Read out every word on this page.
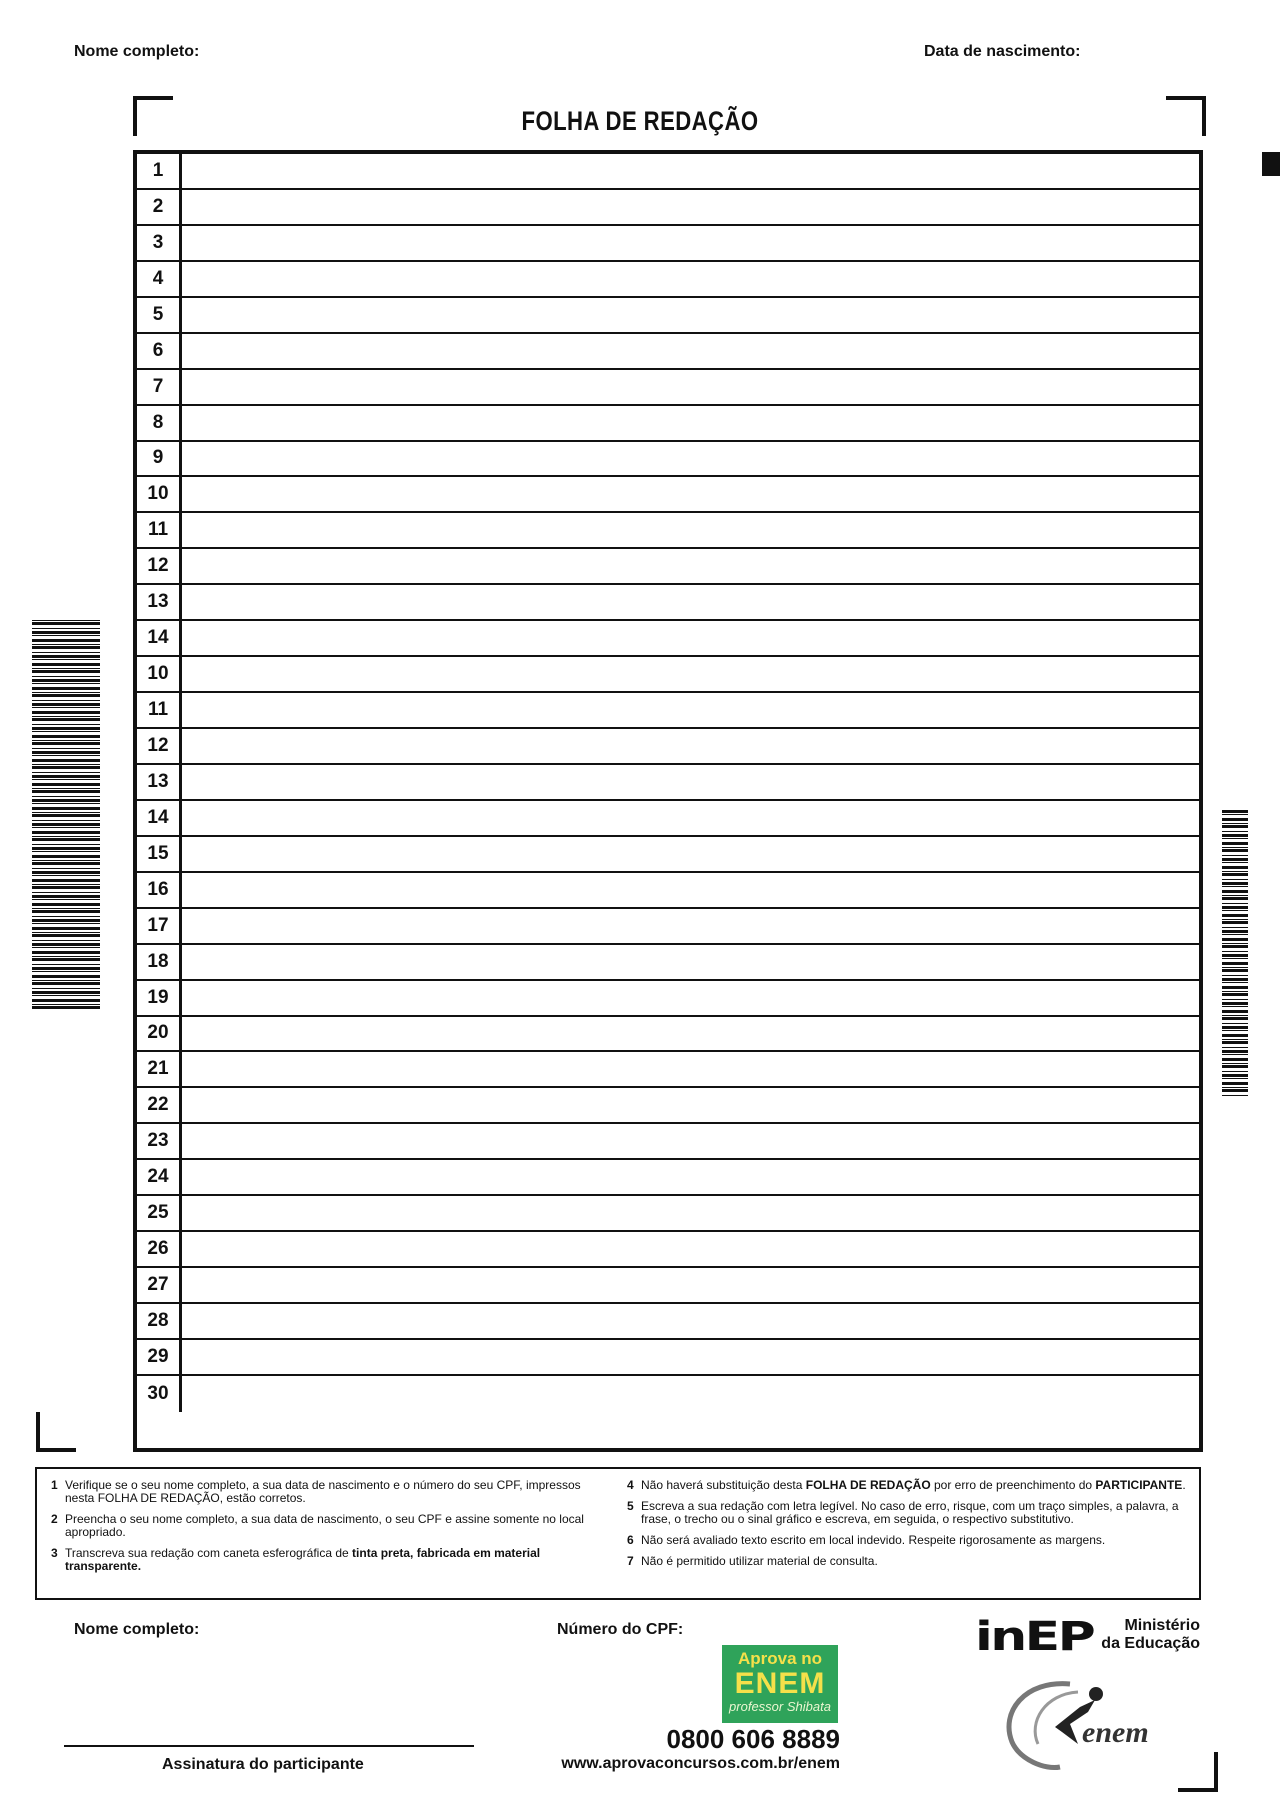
Nome completo:	Data de nascimento:
FOLHA DE REDAÇÃO
1
2
3
4
5
6
7
8
9
10
11
12
13
14
10
11
12
13
14
15
16
17
18
19
20
21
22
23
24
25
26
27
28
29
30
1 Verifique se o seu nome completo, a sua data de nascimento e o número do seu CPF, impressos nesta FOLHA DE REDAÇÃO, estão corretos.
2 Preencha o seu nome completo, a sua data de nascimento, o seu CPF e assine somente no local apropriado.
3 Transcreva sua redação com caneta esferográfica de tinta preta, fabricada em material transparente.
4 Não haverá substituição desta FOLHA DE REDAÇÃO por erro de preenchimento do PARTICIPANTE.
5 Escreva a sua redação com letra legível. No caso de erro, risque, com um traço simples, a palavra, a frase, o trecho ou o sinal gráfico e escreva, em seguida, o respectivo substitutivo.
6 Não será avaliado texto escrito em local indevido. Respeite rigorosamente as margens.
7 Não é permitido utilizar material de consulta.
Nome completo:	Número do CPF:
Assinatura do participante
Aprova no
ENEM
professor Shibata
0800 606 8889
www.aprovaconcursos.com.br/enem
inEP	Ministério
da Educação
enem
